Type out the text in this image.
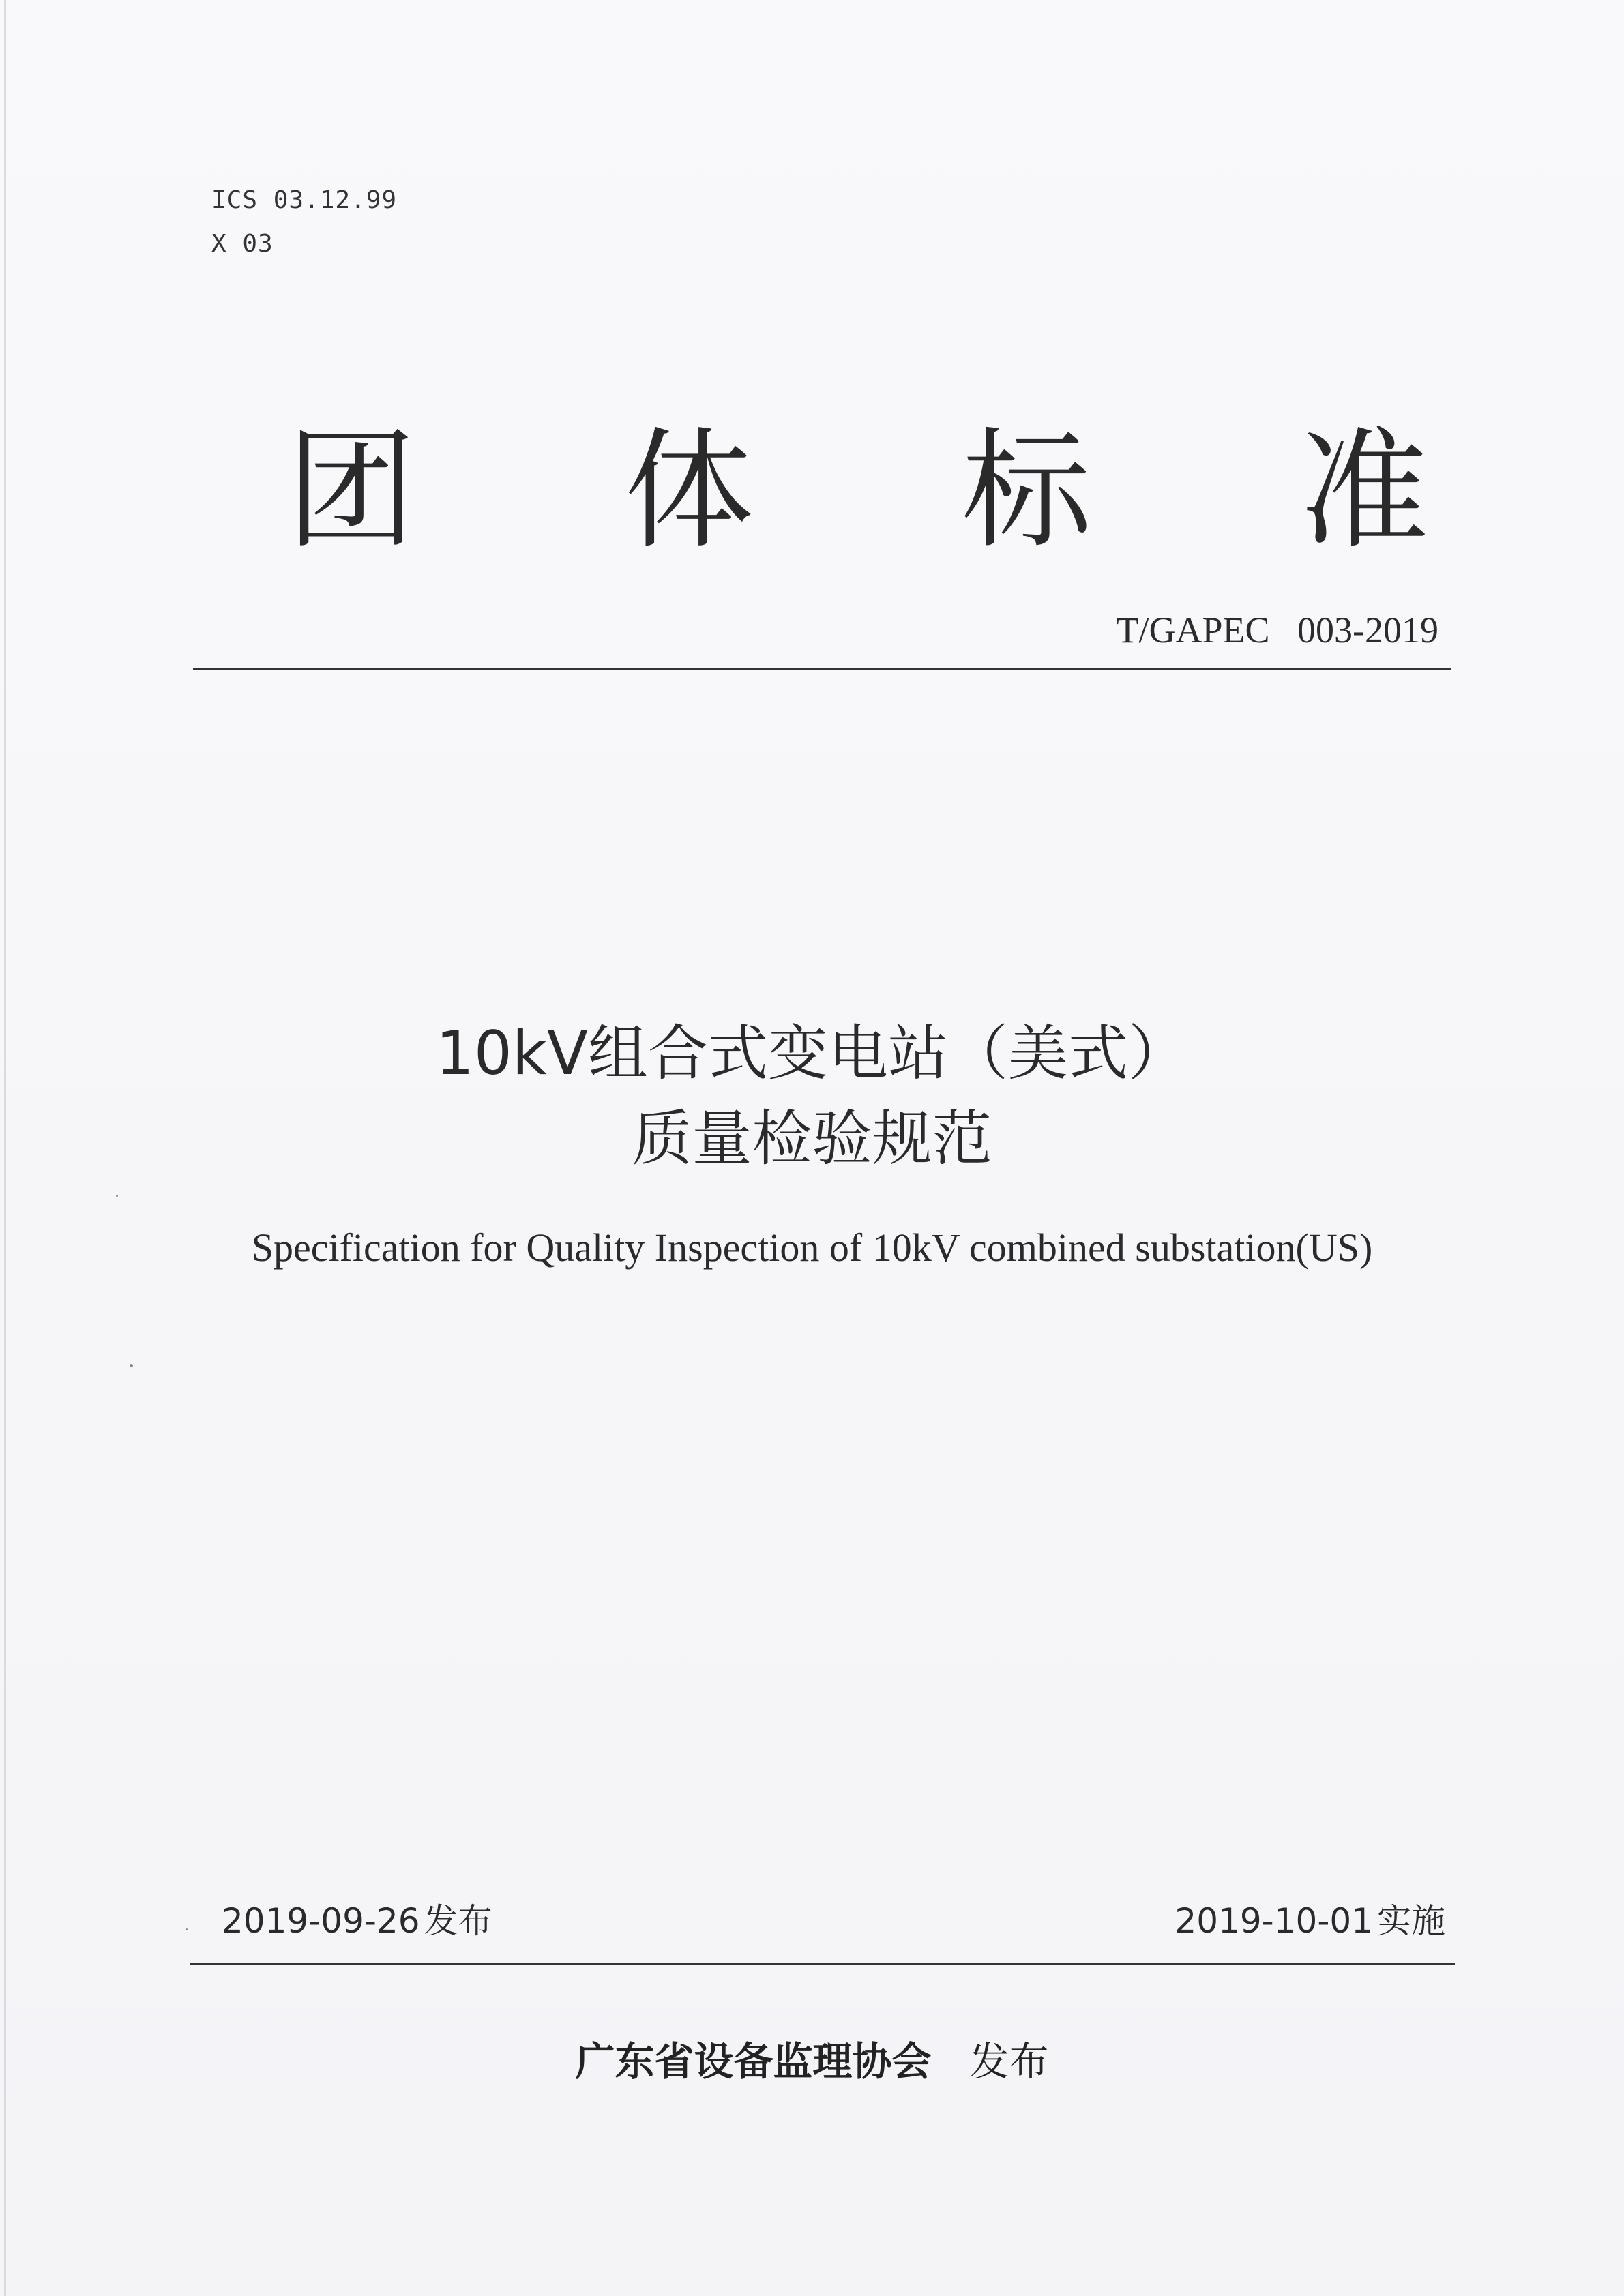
ICS 03.12.99
X 03
团 体 标 准
T/GAPEC   003-2019
10kV组合式变电站（美式）
质量检验规范
Specification for Quality Inspection of 10kV combined substation(US)
2019-09-26 发布	2019-10-01 实施
广东省设备监理协会 发布
